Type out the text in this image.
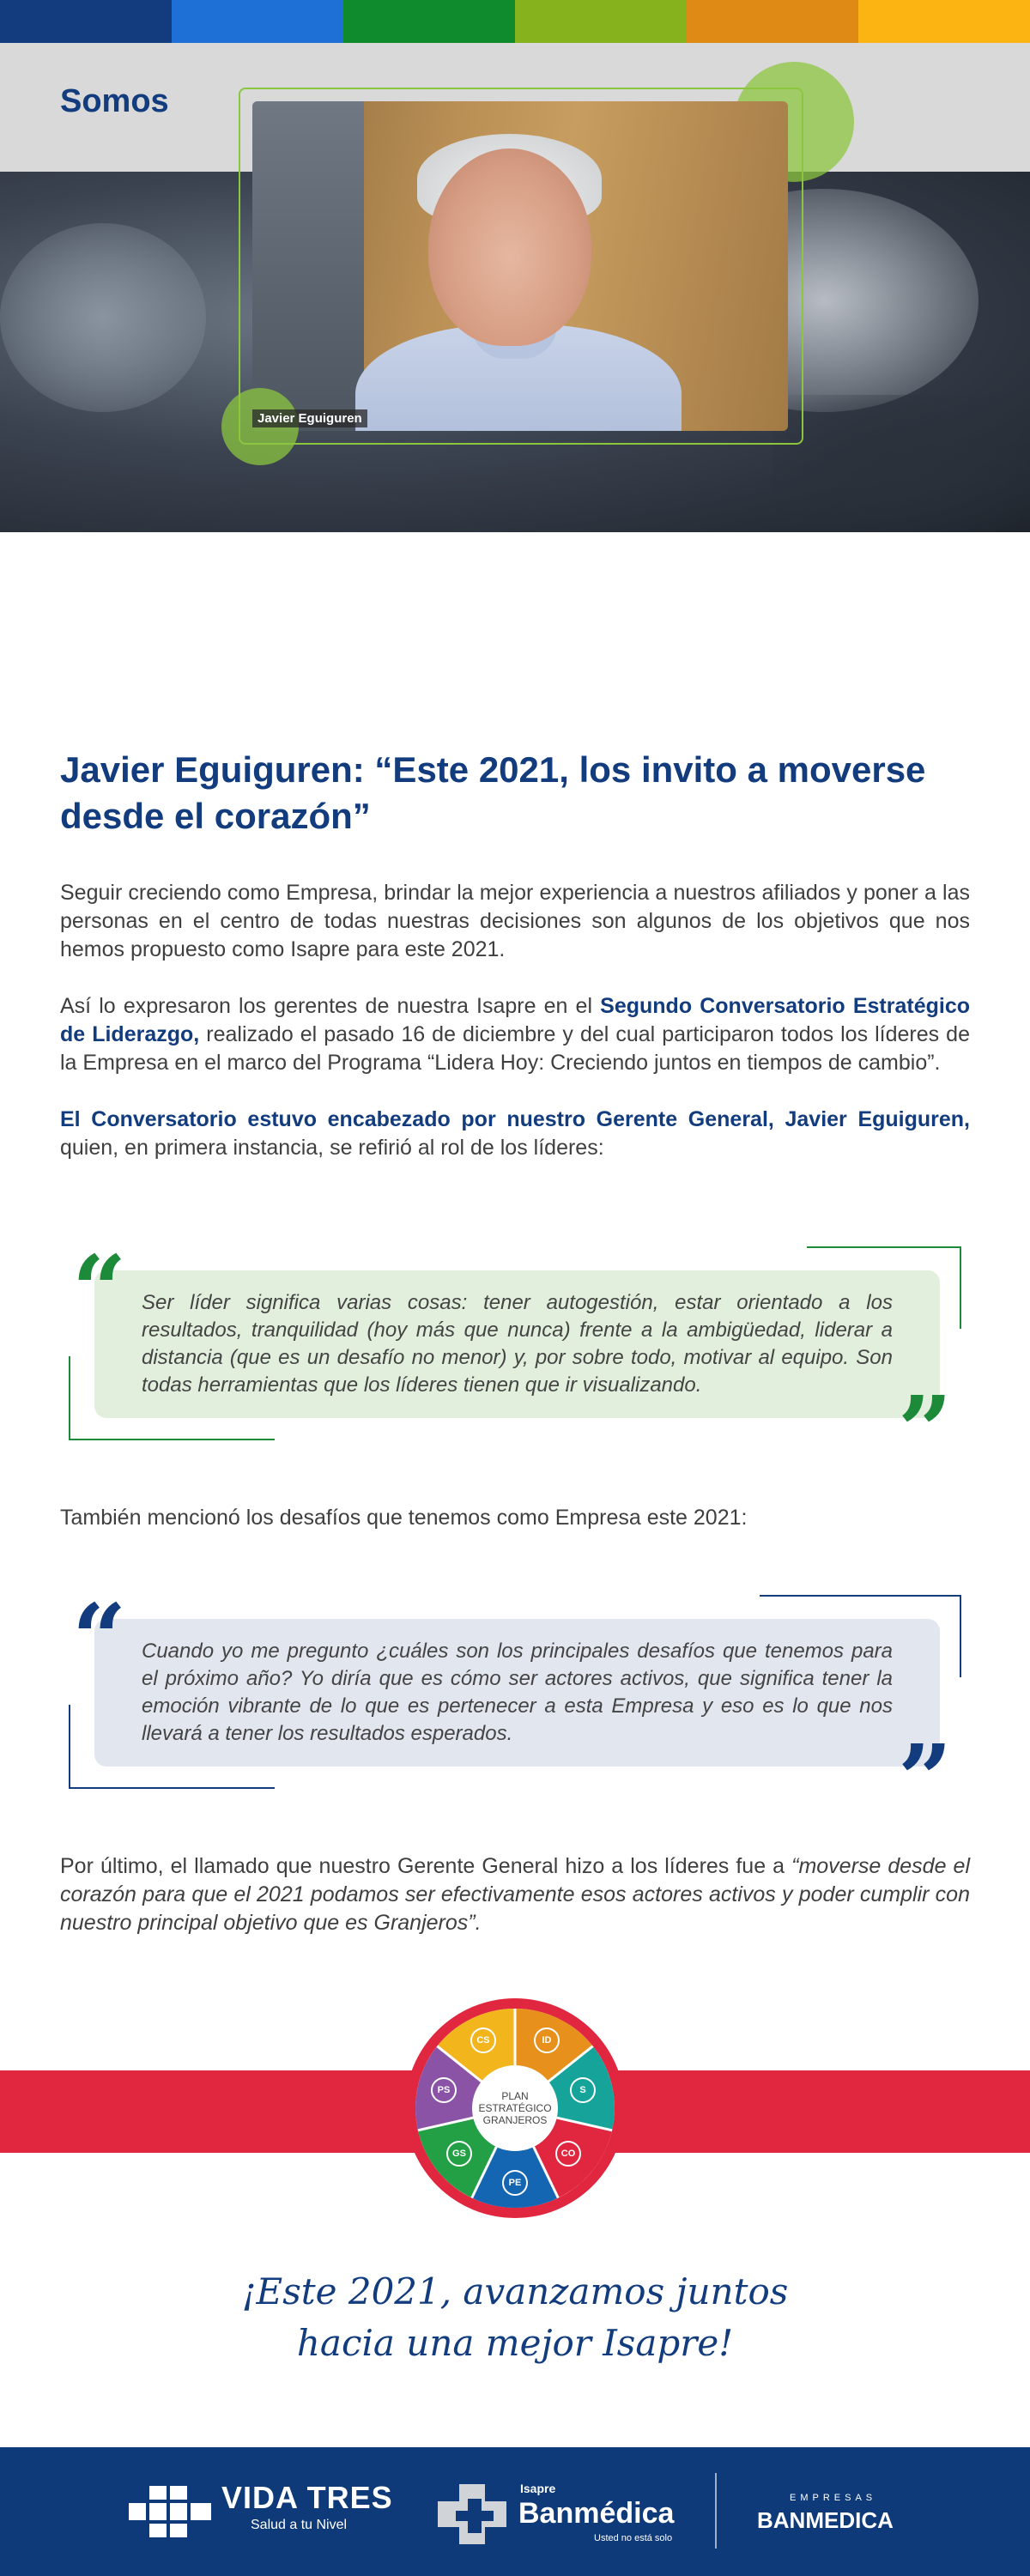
Somos
Javier Eguiguren
Javier Eguiguren: “Este 2021, los invito a moverse desde el corazón”

Seguir creciendo como Empresa, brindar la mejor experiencia a nuestros afiliados y poner a las personas en el centro de todas nuestras decisiones son algunos de los objetivos que nos hemos propuesto como Isapre para este 2021.

Así lo expresaron los gerentes de nuestra Isapre en el Segundo Conversatorio Estratégico de Liderazgo, realizado el pasado 16 de diciembre y del cual participaron todos los líderes de la Empresa en el marco del Programa “Lidera Hoy: Creciendo juntos en tiempos de cambio”.

El Conversatorio estuvo encabezado por nuestro Gerente General, Javier Eguiguren, quien, en primera instancia, se refirió al rol de los líderes:

Ser líder significa varias cosas: tener autogestión, estar orientado a los resultados, tranquilidad (hoy más que nunca) frente a la ambigüedad, liderar a distancia (que es un desafío no menor) y, por sobre todo, motivar al equipo. Son todas herramientas que los líderes tienen que ir visualizando.
“
”

También mencionó los desafíos que tenemos como Empresa este 2021:

Cuando yo me pregunto ¿cuáles son los principales desafíos que tenemos para el próximo año? Yo diría que es cómo ser actores activos, que significa tener la emoción vibrante de lo que es pertenecer a esta Empresa y eso es lo que nos llevará a tener los resultados esperados.
“
”

Por último, el llamado que nuestro Gerente General hizo a los líderes fue a “moverse desde el corazón para que el 2021 podamos ser efectivamente esos actores activos y poder cumplir con nuestro principal objetivo que es Granjeros”.

PLAN
ESTRATÉGICO
GRANJEROS
CS	ID
S
CO
PE
GS
PS
¡Este 2021, avanzamos juntos
hacia una mejor Isapre!
VIDA TRES
Salud a tu Nivel
Isapre
Banmédica
Usted no está solo
EMPRESAS
BANMEDICA
